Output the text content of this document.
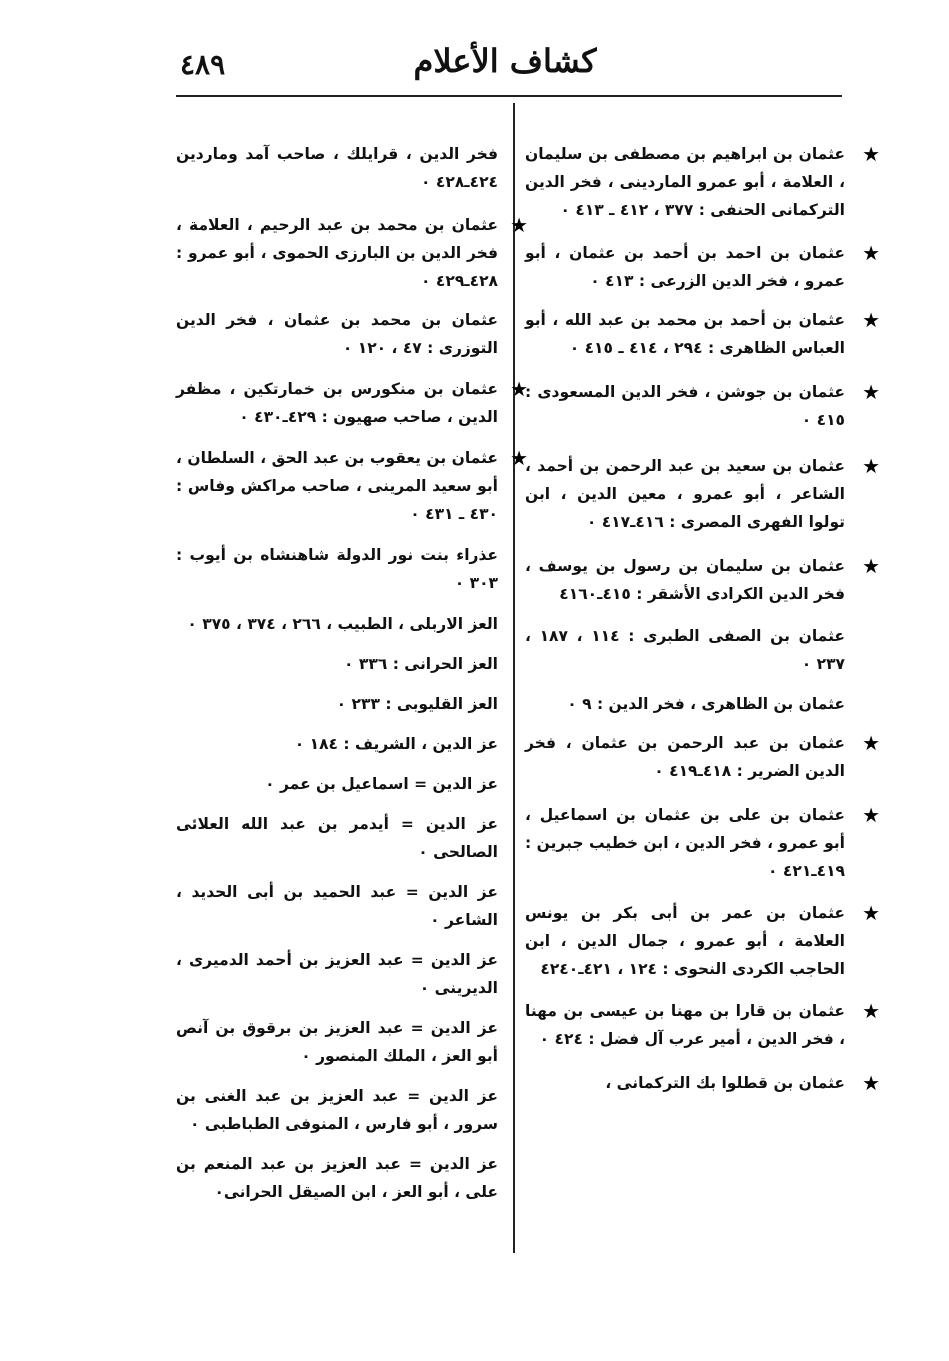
كشاف الأعلام
٤٨٩
★
عثمان بن ابراهيم بن مصطفى بن سليمان ، العلامة ، أبو عمرو الماردينى ، فخر الدين التركمانى الحنفى : ٣٧٧ ، ٤١٢ ـ ٤١٣ ٠
★
عثمان بن احمد بن أحمد بن عثمان ، أبو عمرو ، فخر الدين الزرعى : ٤١٣ ٠
★
عثمان بن أحمد بن محمد بن عبد الله ، أبو العباس الظاهرى : ٢٩٤ ، ٤١٤ ـ ٤١٥ ٠
★
عثمان بن جوشن ، فخر الدين المسعودى : ٤١٥ ٠
★
عثمان بن سعيد بن عبد الرحمن بن أحمد ، الشاعر ، أبو عمرو ، معين الدين ، ابن تولوا الفهرى المصرى : ٤١٦ـ٤١٧ ٠
★
عثمان بن سليمان بن رسول بن يوسف ، فخر الدين الكرادى الأشقر : ٤١٥ـ٤١٦٠
عثمان بن الصفى الطبرى : ١١٤ ، ١٨٧ ، ٢٣٧ ٠
عثمان بن الظاهرى ، فخر الدين : ٩ ٠
★
عثمان بن عبد الرحمن بن عثمان ، فخر الدين الضرير : ٤١٨ـ٤١٩ ٠
★
عثمان بن على بن عثمان بن اسماعيل ، أبو عمرو ، فخر الدين ، ابن خطيب جبرين : ٤١٩ـ٤٢١ ٠
★
عثمان بن عمر بن أبى بكر بن يونس العلامة ، أبو عمرو ، جمال الدين ، ابن الحاجب الكردى النحوى : ١٢٤ ، ٤٢١ـ٤٢٤٠
★
عثمان بن قارا بن مهنا بن عيسى بن مهنا ، فخر الدين ، أمير عرب آل فضل : ٤٢٤ ٠
★
عثمان بن قطلوا بك التركمانى ،
فخر الدين ، قرايلك ، صاحب آمد وماردين ٤٢٤ـ٤٢٨ ٠
★
عثمان بن محمد بن عبد الرحيم ، العلامة ، فخر الدين بن البارزى الحموى ، أبو عمرو : ٤٢٨ـ٤٢٩ ٠
عثمان بن محمد بن عثمان ، فخر الدين التوزرى : ٤٧ ، ١٢٠ ٠
★
عثمان بن منكورس بن خمارتكين ، مظفر الدين ، صاحب صهيون : ٤٢٩ـ٤٣٠ ٠
★
عثمان بن يعقوب بن عبد الحق ، السلطان ، أبو سعيد المرينى ، صاحب مراكش وفاس : ٤٣٠ ـ ٤٣١ ٠
عذراء بنت نور الدولة شاهنشاه بن أيوب : ٣٠٣ ٠
العز الاربلى ، الطبيب ، ٢٦٦ ، ٣٧٤ ، ٣٧٥ ٠
العز الحرانى : ٣٣٦ ٠
العز القليوبى : ٢٣٣ ٠
عز الدين ، الشريف : ١٨٤ ٠
عز الدين = اسماعيل بن عمر ٠
عز الدين = أيدمر بن عبد الله العلائى الصالحى ٠
عز الدين = عبد الحميد بن أبى الحديد ، الشاعر ٠
عز الدين = عبد العزيز بن أحمد الدميرى ، الديرينى ٠
عز الدين = عبد العزيز بن برقوق بن آنص أبو العز ، الملك المنصور ٠
عز الدين = عبد العزيز بن عبد الغنى بن سرور ، أبو فارس ، المنوفى الطباطبى ٠
عز الدين = عبد العزيز بن عبد المنعم بن على ، أبو العز ، ابن الصيقل الحرانى٠
